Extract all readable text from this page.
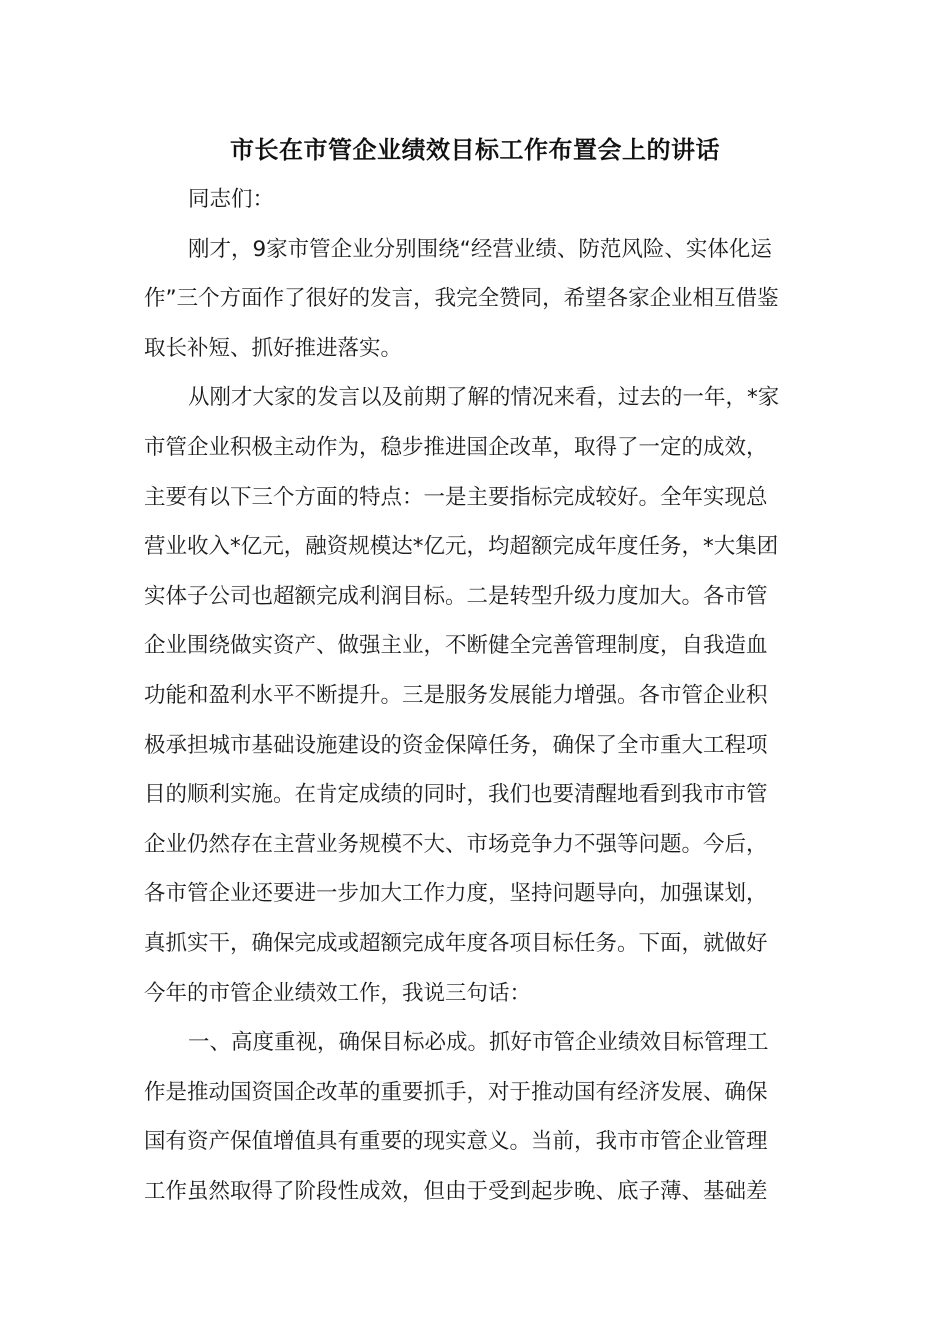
市长在市管企业绩效目标工作布置会上的讲话
同志们：
刚才，9家市管企业分别围绕“经营业绩、防范风险、实体化运
作”三个方面作了很好的发言，我完全赞同，希望各家企业相互借鉴
取长补短、抓好推进落实。
从刚才大家的发言以及前期了解的情况来看，过去的一年，*家
市管企业积极主动作为，稳步推进国企改革，取得了一定的成效，
主要有以下三个方面的特点：一是主要指标完成较好。全年实现总
营业收入*亿元，融资规模达*亿元，均超额完成年度任务，*大集团
实体子公司也超额完成利润目标。二是转型升级力度加大。各市管
企业围绕做实资产、做强主业，不断健全完善管理制度，自我造血
功能和盈利水平不断提升。三是服务发展能力增强。各市管企业积
极承担城市基础设施建设的资金保障任务，确保了全市重大工程项
目的顺利实施。在肯定成绩的同时，我们也要清醒地看到我市市管
企业仍然存在主营业务规模不大、市场竞争力不强等问题。今后，
各市管企业还要进一步加大工作力度，坚持问题导向，加强谋划，
真抓实干，确保完成或超额完成年度各项目标任务。下面，就做好
今年的市管企业绩效工作，我说三句话：
一、高度重视，确保目标必成。抓好市管企业绩效目标管理工
作是推动国资国企改革的重要抓手，对于推动国有经济发展、确保
国有资产保值增值具有重要的现实意义。当前，我市市管企业管理
工作虽然取得了阶段性成效，但由于受到起步晚、底子薄、基础差
